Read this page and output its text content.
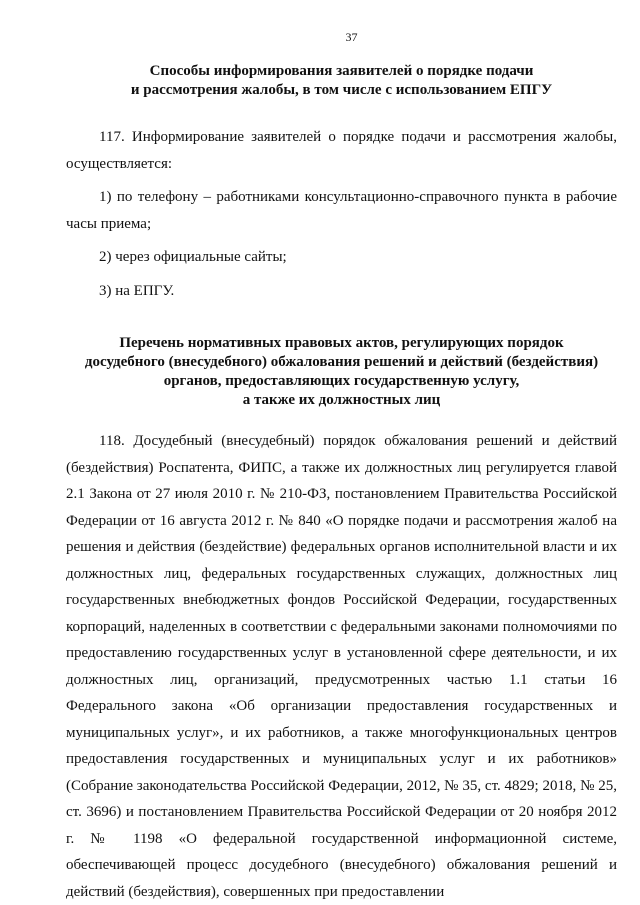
37
Способы информирования заявителей о порядке подачи
и рассмотрения жалобы, в том числе с использованием ЕПГУ

117. Информирование заявителей о порядке подачи и рассмотрения жалобы, осуществляется:

1) по телефону – работниками консультационно-справочного пункта в рабочие часы приема;

2) через официальные сайты;

3) на ЕПГУ.

Перечень нормативных правовых актов, регулирующих порядок
досудебного (внесудебного) обжалования решений и действий (бездействия)
органов, предоставляющих государственную услугу,
а также их должностных лиц

118. Досудебный (внесудебный) порядок обжалования решений и действий (бездействия) Роспатента, ФИПС, а также их должностных лиц регулируется главой 2.1 Закона от 27 июля 2010 г. № 210-ФЗ, постановлением Правительства Российской Федерации от 16 августа 2012 г. № 840 «О порядке подачи и рассмотрения жалоб на решения и действия (бездействие) федеральных органов исполнительной власти и их должностных лиц, федеральных государственных служащих, должностных лиц государственных внебюджетных фондов Российской Федерации, государственных корпораций, наделенных в соответствии с федеральными законами полномочиями по предоставлению государственных услуг в установленной сфере деятельности, и их должностных лиц, организаций, предусмотренных частью 1.1 статьи 16 Федерального закона «Об организации предоставления государственных и муниципальных услуг», и их работников, а также многофункциональных центров предоставления государственных и муниципальных услуг и их работников» (Собрание законодательства Российской Федерации, 2012, № 35, ст. 4829; 2018, № 25, ст. 3696) и постановлением Правительства Российской Федерации от 20 ноября 2012 г. № 1198 «О федеральной государственной информационной системе, обеспечивающей процесс досудебного (внесудебного) обжалования решений и действий (бездействия), совершенных при предоставлении
